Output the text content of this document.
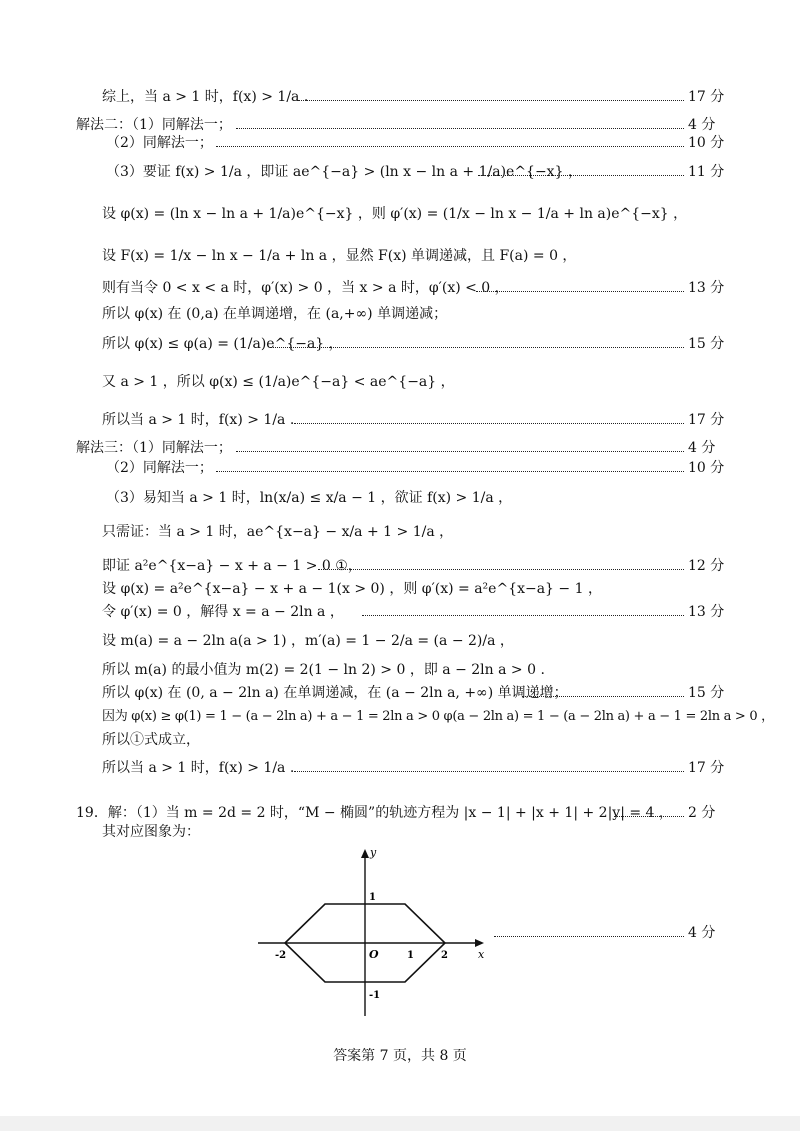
综上，当 a > 1 时，f(x) > 1/a .
解法二：（1）同解法一；
（2）同解法一；
（3）要证 f(x) > 1/a ，即证 ae^{−a} > (ln x − ln a + 1/a)e^{−x} ，
设 φ(x) = (ln x − ln a + 1/a)e^{−x} ，则 φ′(x) = (1/x − ln x − 1/a + ln a)e^{−x} ，
设 F(x) = 1/x − ln x − 1/a + ln a ，显然 F(x) 单调递减，且 F(a) = 0 ，
则有当令 0 < x < a 时，φ′(x) > 0 ，当 x > a 时，φ′(x) < 0 ，
所以 φ(x) 在 (0,a) 在单调递增，在 (a,+∞) 单调递减；
所以 φ(x) ≤ φ(a) = (1/a)e^{−a} ，
又 a > 1 ，所以 φ(x) ≤ (1/a)e^{−a} < ae^{−a} ，
所以当 a > 1 时，f(x) > 1/a .
解法三：（1）同解法一；
（2）同解法一；
（3）易知当 a > 1 时，ln(x/a) ≤ x/a − 1 ，欲证 f(x) > 1/a ，
只需证：当 a > 1 时，ae^{x−a} − x/a + 1 > 1/a ，
即证 a²e^{x−a} − x + a − 1 > 0 ①，
设 φ(x) = a²e^{x−a} − x + a − 1(x > 0) ，则 φ′(x) = a²e^{x−a} − 1 ，
令 φ′(x) = 0 ，解得 x = a − 2ln a ，
设 m(a) = a − 2ln a(a > 1) ，m′(a) = 1 − 2/a = (a − 2)/a ，
所以 m(a) 的最小值为 m(2) = 2(1 − ln 2) > 0 ，即 a − 2ln a > 0 .
所以 φ(x) 在 (0, a − 2ln a) 在单调递减，在 (a − 2ln a, +∞) 单调递增；
因为 φ(x) ≥ φ(1) = 1 − (a − 2ln a) + a − 1 = 2ln a > 0 φ(a − 2ln a) = 1 − (a − 2ln a) + a − 1 = 2ln a > 0 ，
所以①式成立，
所以当 a > 1 时，f(x) > 1/a .
19．解：（1）当 m = 2d = 2 时，“M − 椭圆”的轨迹方程为 |x − 1| + |x + 1| + 2|y| = 4 ，
其对应图象为：
17 分
4 分
10 分
11 分
13 分
15 分
17 分
4 分
10 分
12 分
13 分
15 分
17 分
2 分
4 分
y
x
O
-2	1	2
1
-1
答案第 7 页，共 8 页
